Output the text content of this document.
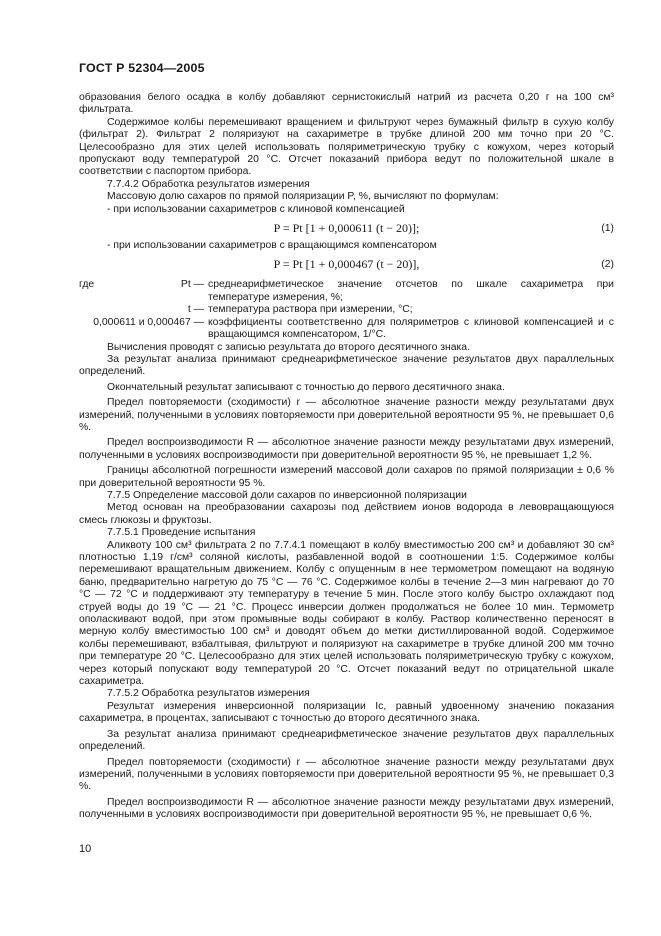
ГОСТ Р 52304—2005

образования белого осадка в колбу добавляют сернистокислый натрий из расчета 0,20 г на 100 см³ фильтрата.

Содержимое колбы перемешивают вращением и фильтруют через бумажный фильтр в сухую колбу (фильтрат 2). Фильтрат 2 поляризуют на сахариметре в трубке длиной 200 мм точно при 20 °С. Целесообразно для этих целей использовать поляриметрическую трубку с кожухом, через который пропускают воду температурой 20 °С. Отсчет показаний прибора ведут по положительной шкале в соответствии с паспортом прибора.

7.7.4.2 Обработка результатов измерения

Массовую долю сахаров по прямой поляризации P, %, вычисляют по формулам:

- при использовании сахариметров с клиновой компенсацией

P = Pt [1 + 0,000611 (t − 20)];	(1)

- при использовании сахариметров с вращающимся компенсатором

P = Pt [1 + 0,000467 (t − 20)],	(2)
где	Pt — среднеарифметическое значение отсчетов по шкале сахариметра при температуре измерения, %;
t — температура раствора при измерении, °С;
0,000611 и 0,000467 — коэффициенты соответственно для поляриметров с клиновой компенсацией и с вращающимся компенсатором, 1/°С.

Вычисления проводят с записью результата до второго десятичного знака.

За результат анализа принимают среднеарифметическое значение результатов двух параллельных определений.

Окончательный результат записывают с точностью до первого десятичного знака.

Предел повторяемости (сходимости) r — абсолютное значение разности между результатами двух измерений, полученными в условиях повторяемости при доверительной вероятности 95 %, не превышает 0,6 %.

Предел воспроизводимости R — абсолютное значение разности между результатами двух измерений, полученными в условиях воспроизводимости при доверительной вероятности 95 %, не превышает 1,2 %.

Границы абсолютной погрешности измерений массовой доли сахаров по прямой поляризации ± 0,6 % при доверительной вероятности 95 %.

7.7.5 Определение массовой доли сахаров по инверсионной поляризации

Метод основан на преобразовании сахарозы под действием ионов водорода в левовращающуюся смесь глюкозы и фруктозы.

7.7.5.1 Проведение испытания

Аликвоту 100 см³ фильтрата 2 по 7.7.4.1 помещают в колбу вместимостью 200 см³ и добавляют 30 см³ плотностью 1,19 г/см³ соляной кислоты, разбавленной водой в соотношении 1:5. Содержимое колбы перемешивают вращательным движением. Колбу с опущенным в нее термометром помещают на водяную баню, предварительно нагретую до 75 °С — 76 °С. Содержимое колбы в течение 2—3 мин нагревают до 70 °С — 72 °С и поддерживают эту температуру в течение 5 мин. После этого колбу быстро охлаждают под струей воды до 19 °С — 21 °С. Процесс инверсии должен продолжаться не более 10 мин. Термометр ополаскивают водой, при этом промывные воды собирают в колбу. Раствор количественно переносят в мерную колбу вместимостью 100 см³ и доводят объем до метки дистиллированной водой. Содержимое колбы перемешивают, взбалтывая, фильтруют и поляризуют на сахариметре в трубке длиной 200 мм точно при температуре 20 °С. Целесообразно для этих целей использовать поляриметрическую трубку с кожухом, через который попускают воду температурой 20 °С. Отсчет показаний ведут по отрицательной шкале сахариметра.

7.7.5.2 Обработка результатов измерения

Результат измерения инверсионной поляризации Ic, равный удвоенному значению показания сахариметра, в процентах, записывают с точностью до второго десятичного знака.

За результат анализа принимают среднеарифметическое значение результатов двух параллельных определений.

Предел повторяемости (сходимости) r — абсолютное значение разности между результатами двух измерений, полученными в условиях повторяемости при доверительной вероятности 95 %, не превышает 0,3 %.

Предел воспроизводимости R — абсолютное значение разности между результатами двух измерений, полученными в условиях воспроизводимости при доверительной вероятности 95 %, не превышает 0,6 %.

10
